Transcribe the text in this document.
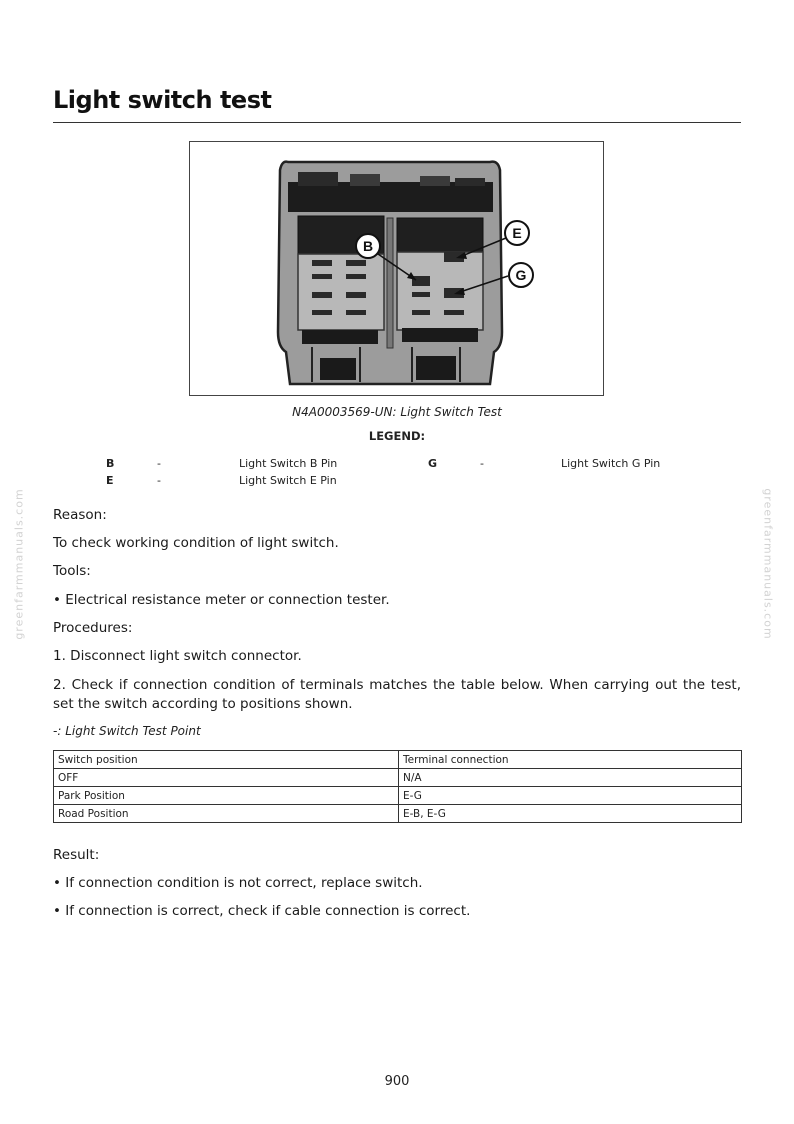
Light switch test
B
E
G
N4A0003569-UN: Light Switch Test
LEGEND:
B	-	Light Switch B Pin	G	-	Light Switch G Pin
E	-	Light Switch E Pin
greenfarmmanuals.com	greenfarmmanuals.com
Reason:
To check working condition of light switch.
Tools:
• Electrical resistance meter or connection tester.
Procedures:
1. Disconnect light switch connector.
2. Check if connection condition of terminals matches the table below. When carrying out the test, set the switch according to positions shown.
-: Light Switch Test Point
Switch position	Terminal connection
OFF	N/A
Park Position	E-G
Road Position	E-B, E-G
Result:
• If connection condition is not correct, replace switch.
• If connection is correct, check if cable connection is correct.
900
